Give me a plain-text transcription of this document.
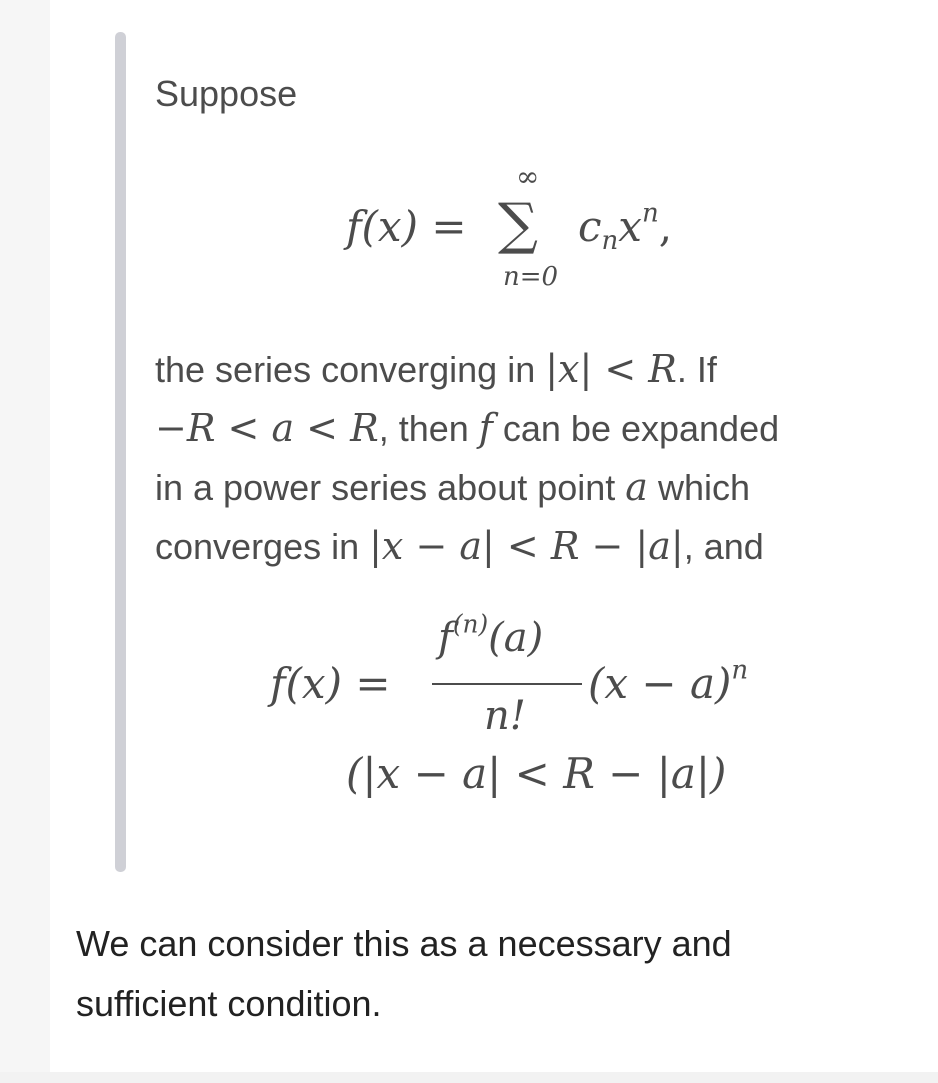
Suppose
f(x) =
∞
∑
n=0
$c_nx^n$,
the series converging in |x| < R. If
−R < a < R, then f can be expanded
in a power series about point a which
converges in |x − a| < R − |a|, and
f(x) =
$f^{(n)}(a)$
n!
$(x - a)^n$
(|x − a| < R − |a|)
We can consider this as a necessary and
sufficient condition.
